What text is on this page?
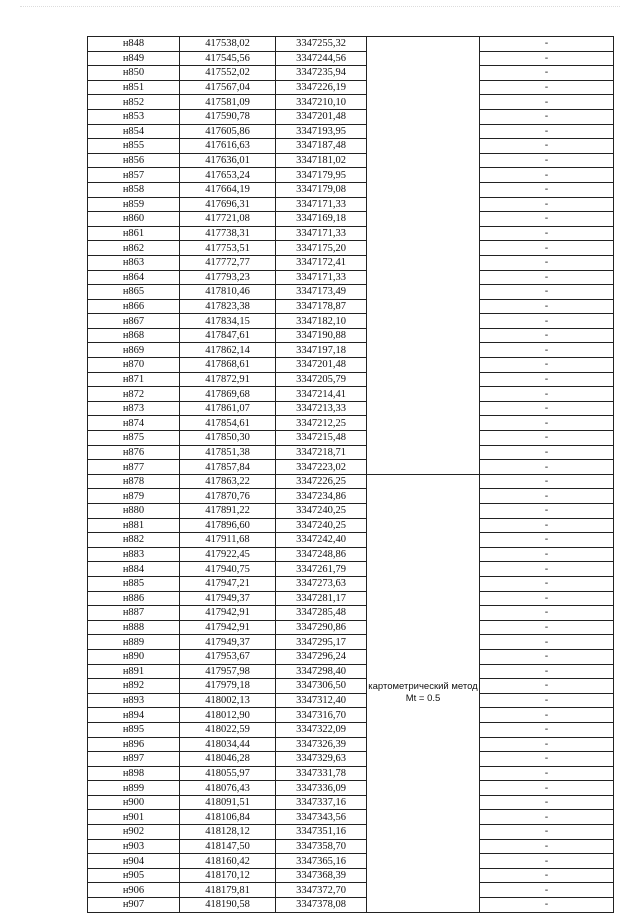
н848	417538,02	3347255,32		-
н849	417545,56	3347244,56		-
н850	417552,02	3347235,94		-
н851	417567,04	3347226,19		-
н852	417581,09	3347210,10		-
н853	417590,78	3347201,48		-
н854	417605,86	3347193,95		-
н855	417616,63	3347187,48		-
н856	417636,01	3347181,02		-
н857	417653,24	3347179,95		-
н858	417664,19	3347179,08		-
н859	417696,31	3347171,33		-
н860	417721,08	3347169,18		-
н861	417738,31	3347171,33		-
н862	417753,51	3347175,20		-
н863	417772,77	3347172,41		-
н864	417793,23	3347171,33		-
н865	417810,46	3347173,49		-
н866	417823,38	3347178,87		-
н867	417834,15	3347182,10		-
н868	417847,61	3347190,88		-
н869	417862,14	3347197,18		-
н870	417868,61	3347201,48		-
н871	417872,91	3347205,79		-
н872	417869,68	3347214,41		-
н873	417861,07	3347213,33		-
н874	417854,61	3347212,25		-
н875	417850,30	3347215,48		-
н876	417851,38	3347218,71		-
н877	417857,84	3347223,02		-
н878	417863,22	3347226,25	картометрический метод Mt = 0.5	-
н879	417870,76	3347234,86		-
н880	417891,22	3347240,25		-
н881	417896,60	3347240,25		-
н882	417911,68	3347242,40		-
н883	417922,45	3347248,86		-
н884	417940,75	3347261,79		-
н885	417947,21	3347273,63		-
н886	417949,37	3347281,17		-
н887	417942,91	3347285,48		-
н888	417942,91	3347290,86		-
н889	417949,37	3347295,17		-
н890	417953,67	3347296,24		-
н891	417957,98	3347298,40		-
н892	417979,18	3347306,50		-
н893	418002,13	3347312,40		-
н894	418012,90	3347316,70		-
н895	418022,59	3347322,09		-
н896	418034,44	3347326,39		-
н897	418046,28	3347329,63		-
н898	418055,97	3347331,78		-
н899	418076,43	3347336,09		-
н900	418091,51	3347337,16		-
н901	418106,84	3347343,56		-
н902	418128,12	3347351,16		-
н903	418147,50	3347358,70		-
н904	418160,42	3347365,16		-
н905	418170,12	3347368,39		-
н906	418179,81	3347372,70		-
н907	418190,58	3347378,08		-
